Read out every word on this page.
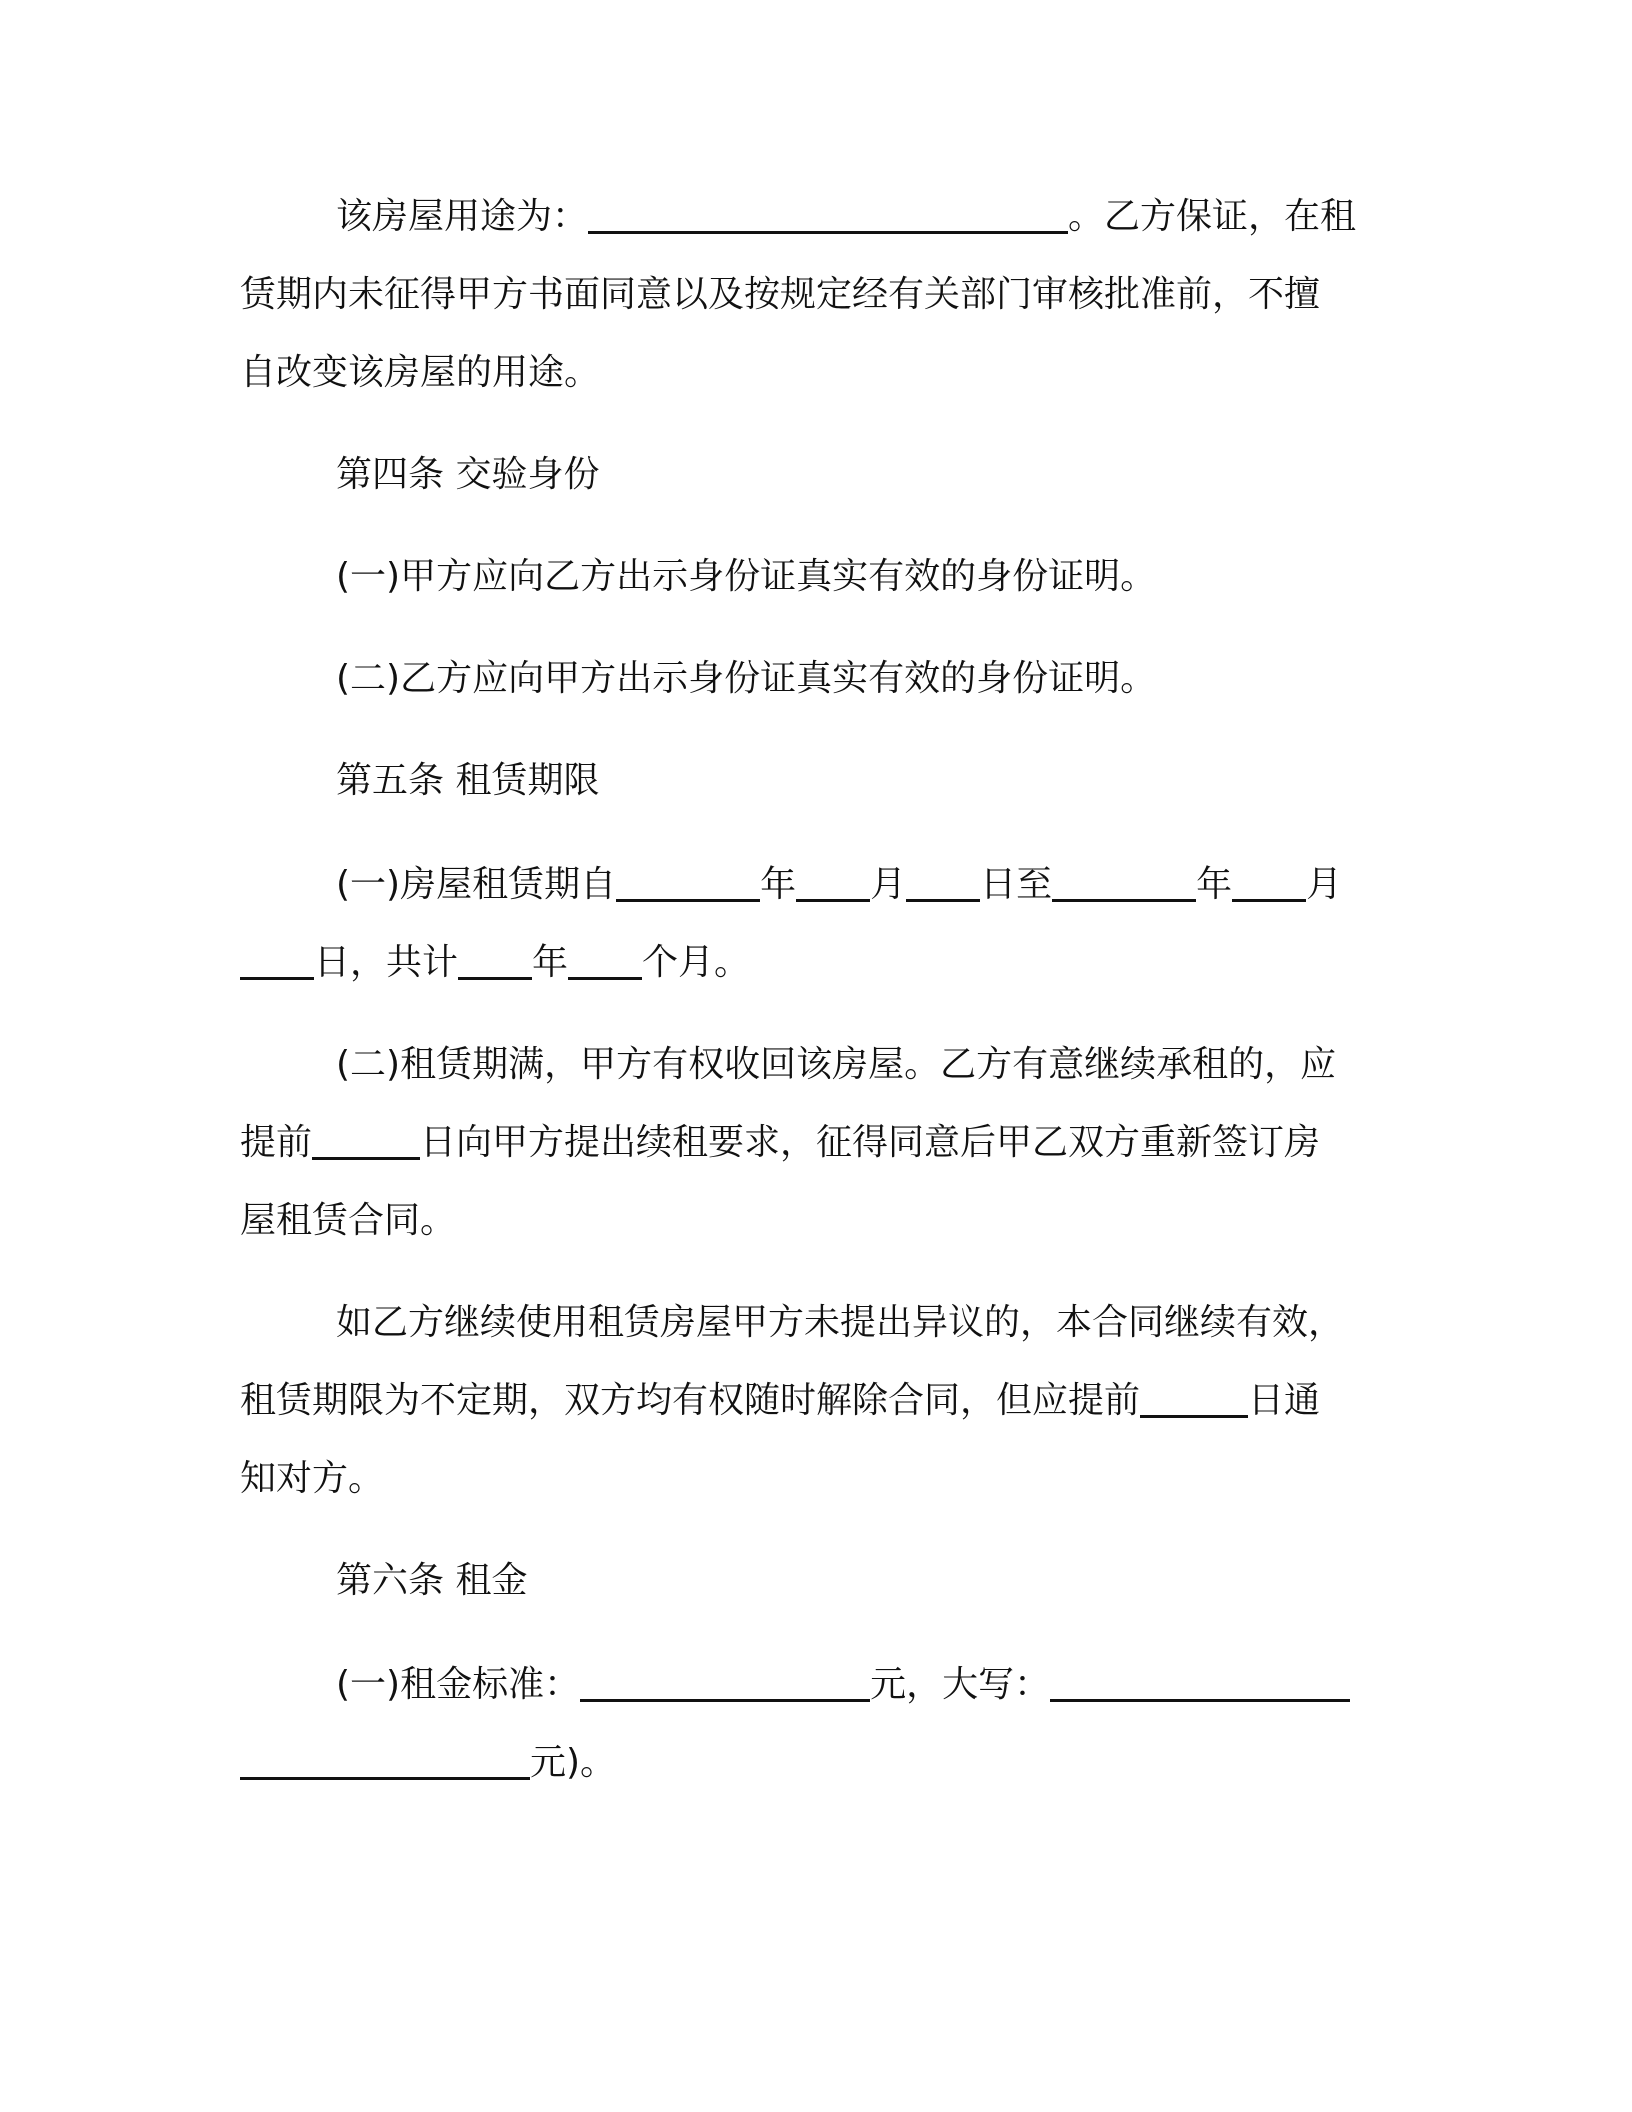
该房屋用途为：	。乙方保证，在租
赁期内未征得甲方书面同意以及按规定经有关部门审核批准前，不擅
自改变该房屋的用途。
第四条 交验身份
(一)甲方应向乙方出示身份证真实有效的身份证明。
(二)乙方应向甲方出示身份证真实有效的身份证明。
第五条 租赁期限
(一)房屋租赁期自	年 月 日至	年 月
日，共计 年 个月。
(二)租赁期满，甲方有权收回该房屋。乙方有意继续承租的，应
提前	日向甲方提出续租要求，征得同意后甲乙双方重新签订房
屋租赁合同。
如乙方继续使用租赁房屋甲方未提出异议的，本合同继续有效，
租赁期限为不定期，双方均有权随时解除合同，但应提前	日通
知对方。
第六条 租金
(一)租金标准：	元，大写：
元)。
